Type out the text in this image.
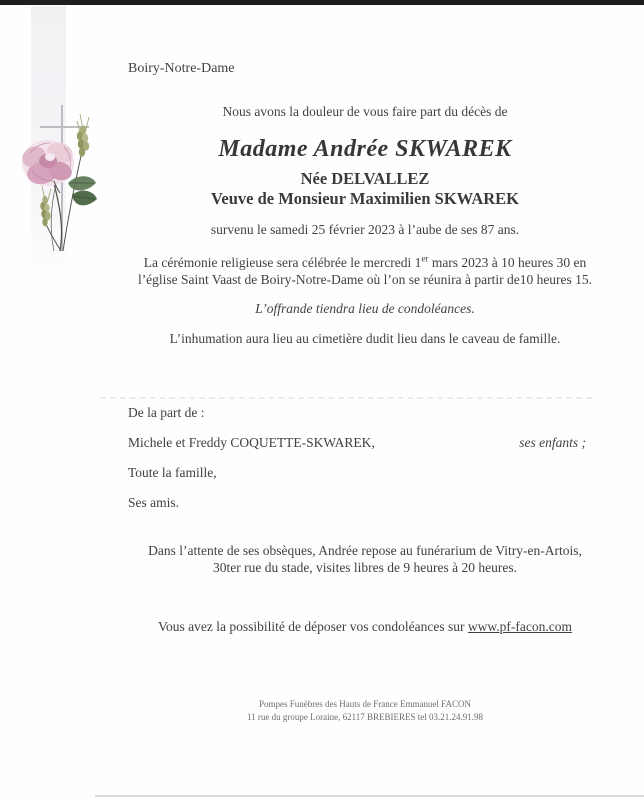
Boiry-Notre-Dame
Nous avons la douleur de vous faire part du décès de
Madame Andrée SKWAREK
Née DELVALLEZ
Veuve de Monsieur Maximilien SKWAREK
survenu le samedi 25 février 2023 à l’aube de ses 87 ans.
La cérémonie religieuse sera célébrée le mercredi 1er mars 2023 à 10 heures 30 en
l’église Saint Vaast de Boiry-Notre-Dame où l’on se réunira à partir de10 heures 15.
L’offrande tiendra lieu de condoléances.
L’inhumation aura lieu au cimetière dudit lieu dans le caveau de famille.
De la part de :
Michele et Freddy COQUETTE-SKWAREK,	ses enfants ;
Toute la famille,
Ses amis.
Dans l’attente de ses obsèques, Andrée repose au funérarium de Vitry-en-Artois,
30ter rue du stade, visites libres de 9 heures à 20 heures.
Vous avez la possibilité de déposer vos condoléances sur www.pf-facon.com
Pompes Funèbres des Hauts de France Emmanuel FACON
11 rue du groupe Loraine, 62117 BREBIERES tel 03.21.24.91.98
